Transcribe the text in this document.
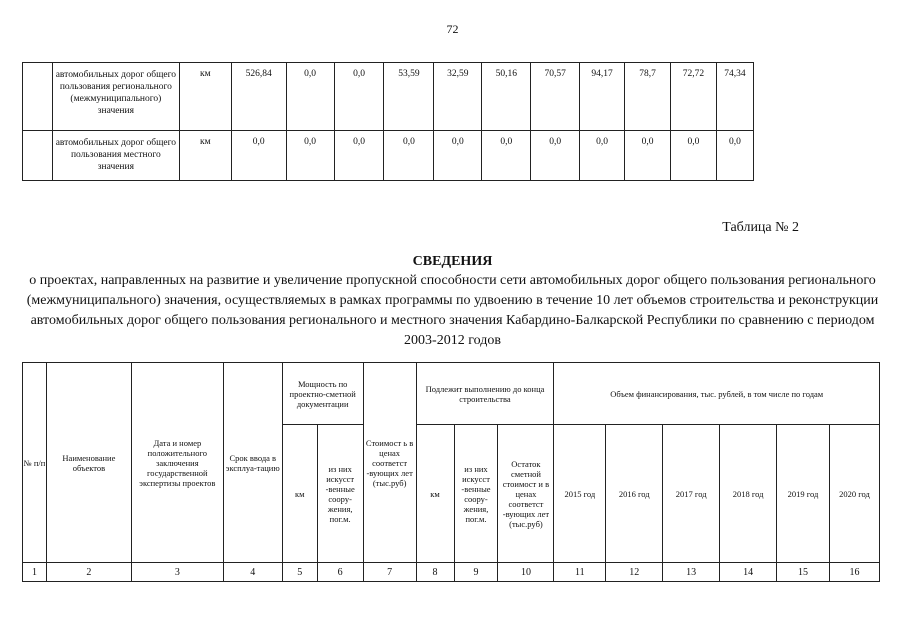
72
	автомобильных дорог общего пользования регионального (межмуниципального) значения	км	526,84	0,0	0,0	53,59	32,59	50,16	70,57	94,17	78,7	72,72	74,34
	автомобильных дорог общего пользования местного значения	км	0,0	0,0	0,0	0,0	0,0	0,0	0,0	0,0	0,0	0,0	0,0
Таблица № 2
СВЕДЕНИЯ
о проектах, направленных на развитие и увеличение пропускной способности сети автомобильных дорог общего пользования регионального (межмуниципального) значения, осуществляемых в рамках программы по удвоению в течение 10 лет объемов строительства и реконструкции автомобильных дорог общего пользования регионального и местного значения Кабардино-Балкарской Республики по сравнению с периодом 2003-2012 годов
№ п/п	Наименование объектов	Дата и номер положительного заключения государственной экспертизы проектов	Срок ввода в эксплуа-тацию	Мощность по проектно-сметной документации		Стоимост ь в ценах соответст -вующих лет (тыс.руб)	Подлежит выполнению до конца строительства			Объем финансирования, тыс. рублей, в том числе по годам					
				км	из них искусст -венные соору-жения, пог.м.		км	из них искусст -венные соору-жения, пог.м.	Остаток сметной стоимост и в ценах соответст -вующих лет (тыс.руб)	2015 год	2016 год	2017 год	2018 год	2019 год	2020 год
1	2	3	4	5	6	7	8	9	10	11	12	13	14	15	16
